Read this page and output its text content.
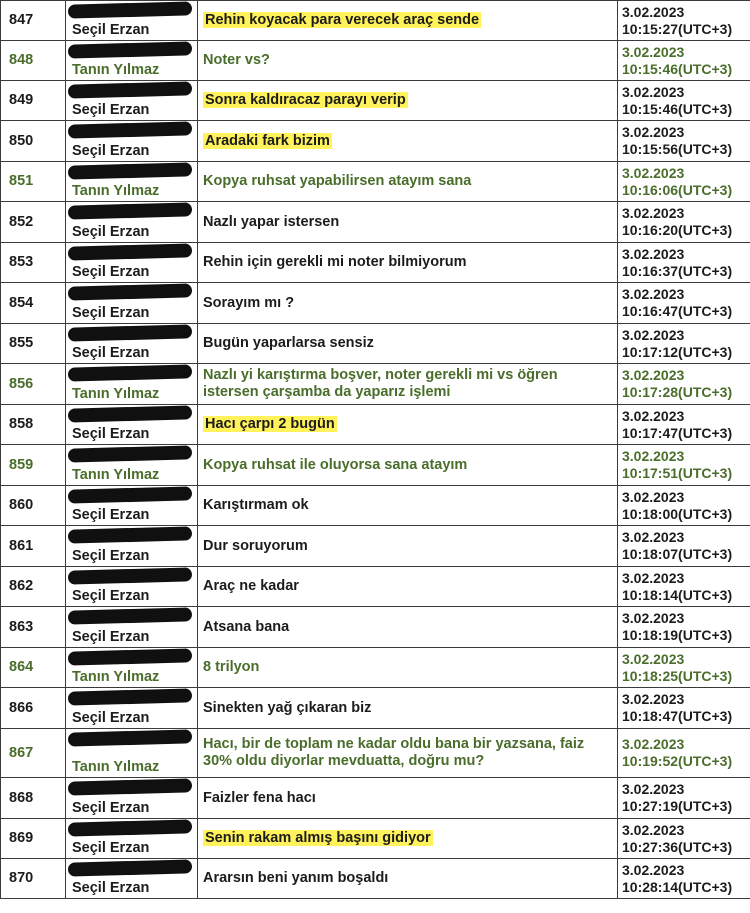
847	Seçil Erzan	Rehin koyacak para verecek araç sende	3.02.2023
10:15:27(UTC+3)

848	Tanın Yılmaz	Noter vs?	3.02.2023
10:15:46(UTC+3)

849	Seçil Erzan	Sonra kaldıracaz parayı verip	3.02.2023
10:15:46(UTC+3)

850	Seçil Erzan	Aradaki fark bizim	3.02.2023
10:15:56(UTC+3)

851	Tanın Yılmaz	Kopya ruhsat yapabilirsen atayım sana	3.02.2023
10:16:06(UTC+3)

852	Seçil Erzan	Nazlı yapar istersen	3.02.2023
10:16:20(UTC+3)

853	Seçil Erzan	Rehin için gerekli mi noter bilmiyorum	3.02.2023
10:16:37(UTC+3)

854	Seçil Erzan	Sorayım mı ?	3.02.2023
10:16:47(UTC+3)

855	Seçil Erzan	Bugün yaparlarsa sensiz	3.02.2023
10:17:12(UTC+3)

856	Tanın Yılmaz	Nazlı yi karıştırma boşver, noter gerekli mi vs öğren istersen çarşamba da yaparız işlemi	3.02.2023
10:17:28(UTC+3)

858	Seçil Erzan	Hacı çarpı 2 bugün	3.02.2023
10:17:47(UTC+3)

859	Tanın Yılmaz	Kopya ruhsat ile oluyorsa sana atayım	3.02.2023
10:17:51(UTC+3)

860	Seçil Erzan	Karıştırmam ok	3.02.2023
10:18:00(UTC+3)

861	Seçil Erzan	Dur soruyorum	3.02.2023
10:18:07(UTC+3)

862	Seçil Erzan	Araç ne kadar	3.02.2023
10:18:14(UTC+3)

863	Seçil Erzan	Atsana bana	3.02.2023
10:18:19(UTC+3)

864	Tanın Yılmaz	8 trilyon	3.02.2023
10:18:25(UTC+3)

866	Seçil Erzan	Sinekten yağ çıkaran biz	3.02.2023
10:18:47(UTC+3)

867	Tanın Yılmaz	Hacı, bir de toplam ne kadar oldu bana bir yazsana, faiz 30% oldu diyorlar mevduatta, doğru mu?	3.02.2023
10:19:52(UTC+3)

868	Seçil Erzan	Faizler fena hacı	3.02.2023
10:27:19(UTC+3)

869	Seçil Erzan	Senin rakam almış başını gidiyor	3.02.2023
10:27:36(UTC+3)

870	Seçil Erzan	Ararsın beni yanım boşaldı	3.02.2023
10:28:14(UTC+3)
